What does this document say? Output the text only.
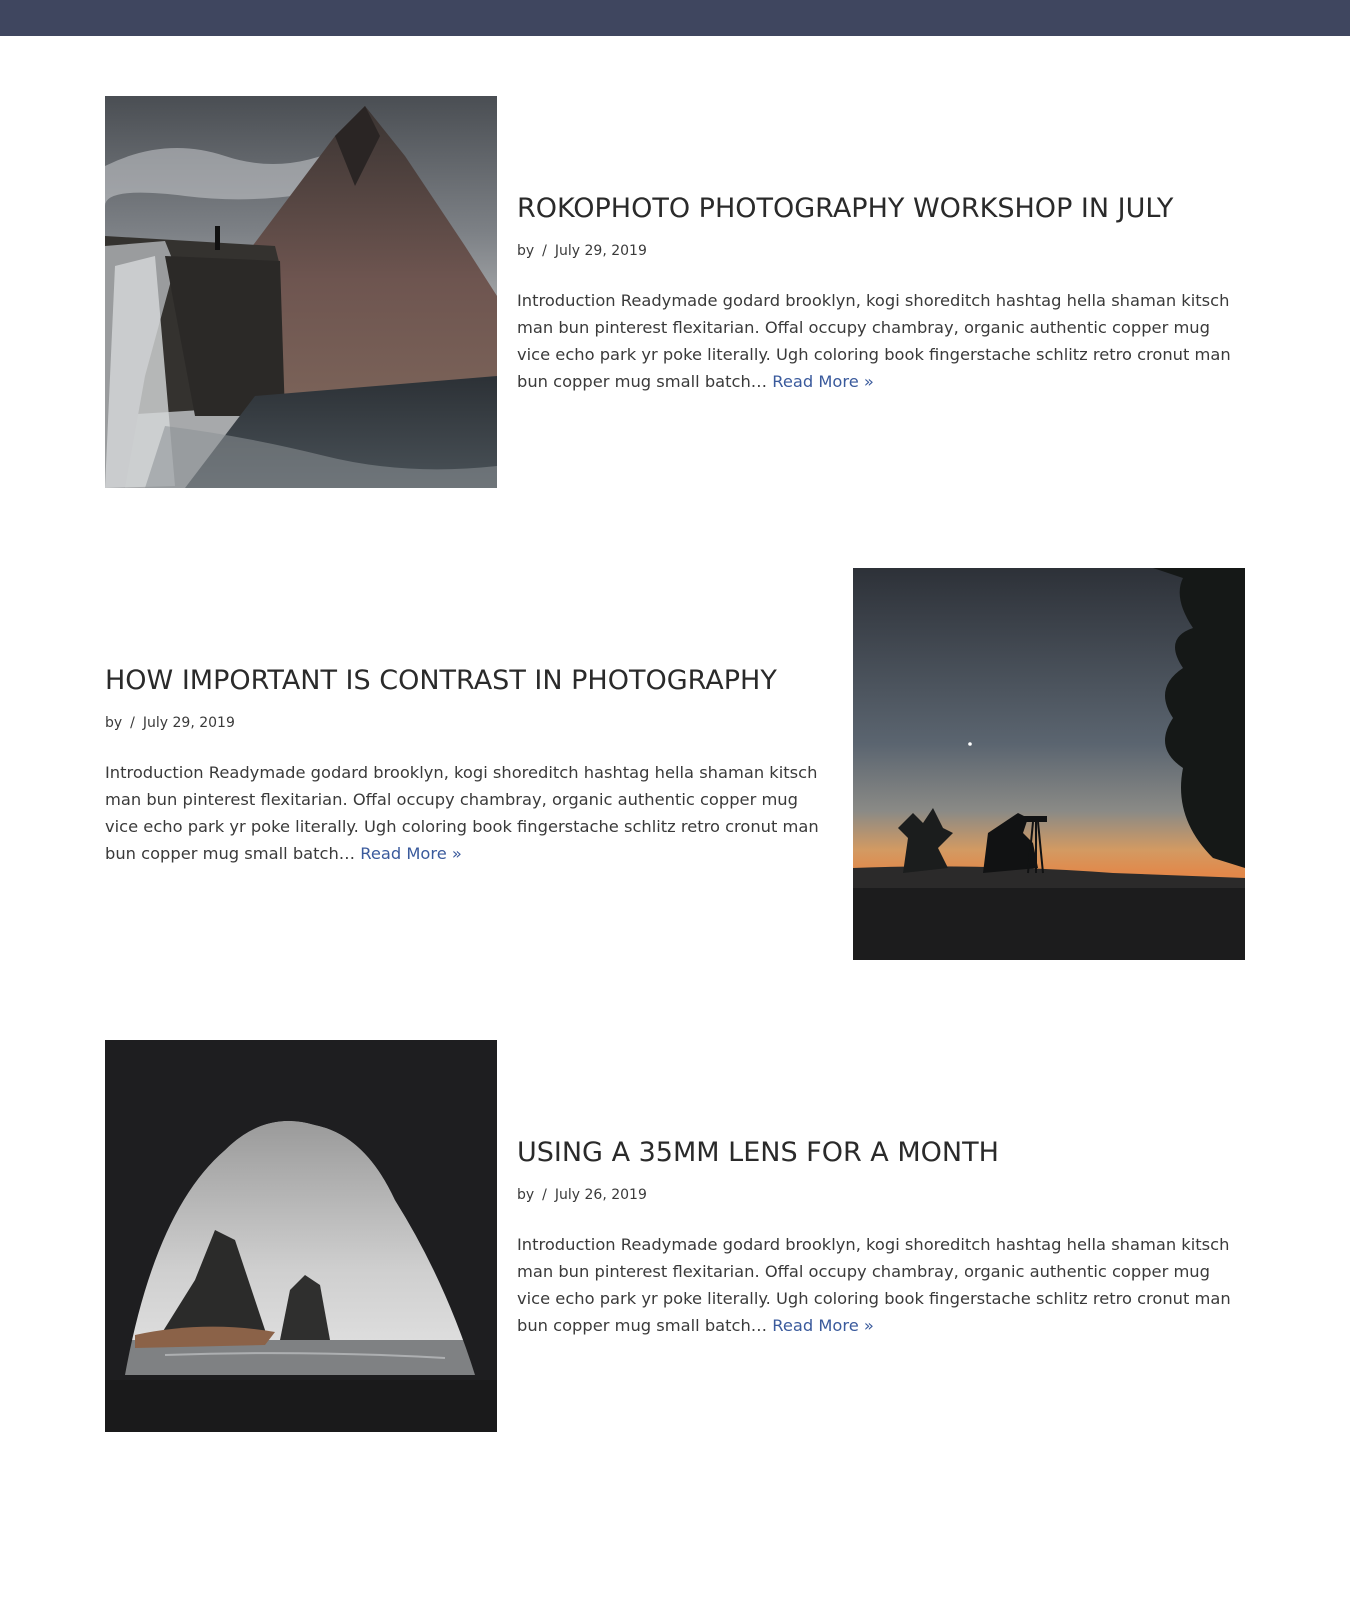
ROKOPHOTO PHOTOGRAPHY WORKSHOP IN JULY
by / July 29, 2019
Introduction Readymade godard brooklyn, kogi shoreditch hashtag hella shaman kitsch man bun pinterest flexitarian. Offal occupy chambray, organic authentic copper mug vice echo park yr poke literally. Ugh coloring book fingerstache schlitz retro cronut man bun copper mug small batch… Read More »
HOW IMPORTANT IS CONTRAST IN PHOTOGRAPHY
by / July 29, 2019
Introduction Readymade godard brooklyn, kogi shoreditch hashtag hella shaman kitsch man bun pinterest flexitarian. Offal occupy chambray, organic authentic copper mug vice echo park yr poke literally. Ugh coloring book fingerstache schlitz retro cronut man bun copper mug small batch… Read More »
USING A 35MM LENS FOR A MONTH
by / July 26, 2019
Introduction Readymade godard brooklyn, kogi shoreditch hashtag hella shaman kitsch man bun pinterest flexitarian. Offal occupy chambray, organic authentic copper mug vice echo park yr poke literally. Ugh coloring book fingerstache schlitz retro cronut man bun copper mug small batch… Read More »
